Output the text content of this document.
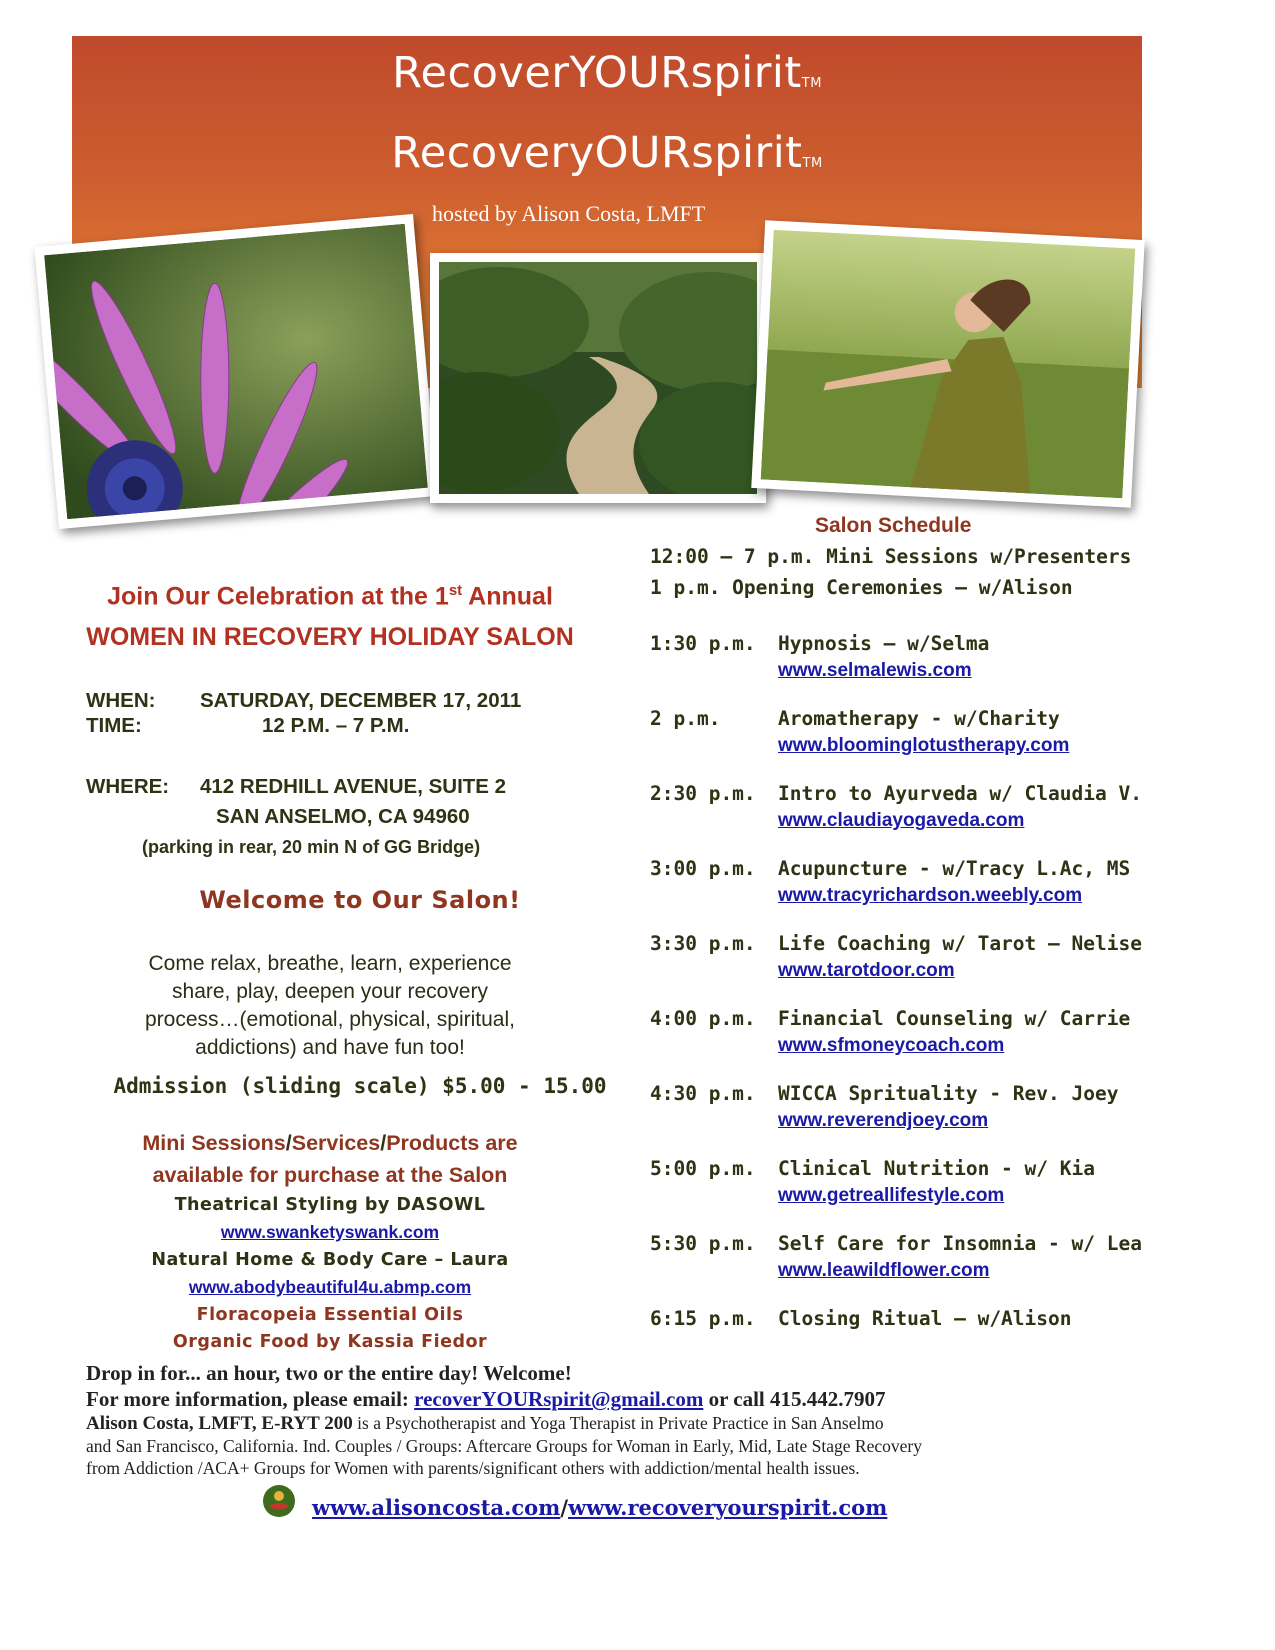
RecoverYOURspiritTM
RecoveryOURspiritTM
hosted by Alison Costa, LMFT
Join Our Celebration at the 1st Annual
WOMEN IN RECOVERY HOLIDAY SALON
WHEN: SATURDAY, DECEMBER 17, 2011
TIME:	12 P.M. – 7 P.M.
WHERE: 412 REDHILL AVENUE, SUITE 2
SAN ANSELMO, CA 94960
(parking in rear, 20 min N of GG Bridge)
Welcome to Our Salon!
Come relax, breathe, learn, experience
share, play, deepen your recovery
process…(emotional, physical, spiritual,
addictions) and have fun too!
Admission (sliding scale) $5.00 - 15.00
Mini Sessions/Services/Products are
available for purchase at the Salon
Theatrical Styling by DASOWL
www.swanketyswank.com
Natural Home & Body Care – Laura
www.abodybeautiful4u.abmp.com
Floracopeia Essential Oils
Organic Food by Kassia Fiedor
Salon Schedule
12:00 – 7 p.m. Mini Sessions w/Presenters
1 p.m. Opening Ceremonies – w/Alison
1:30 p.m. Hypnosis – w/Selma
www.selmalewis.com
2 p.m.	Aromatherapy - w/Charity
www.bloominglotustherapy.com
2:30 p.m. Intro to Ayurveda w/ Claudia V.
www.claudiayogaveda.com
3:00 p.m. Acupuncture - w/Tracy L.Ac, MS
www.tracyrichardson.weebly.com
3:30 p.m. Life Coaching w/ Tarot – Nelise
www.tarotdoor.com
4:00 p.m. Financial Counseling w/ Carrie
www.sfmoneycoach.com
4:30 p.m. WICCA Sprituality - Rev. Joey
www.reverendjoey.com
5:00 p.m. Clinical Nutrition - w/ Kia
www.getreallifestyle.com
5:30 p.m. Self Care for Insomnia - w/ Lea
www.leawildflower.com
6:15 p.m. Closing Ritual – w/Alison
Drop in for... an hour, two or the entire day! Welcome!
For more information, please email: recoverYOURspirit@gmail.com or call 415.442.7907
Alison Costa, LMFT, E-RYT 200 is a Psychotherapist and Yoga Therapist in Private Practice in San Anselmo
and San Francisco, California. Ind. Couples / Groups: Aftercare Groups for Woman in Early, Mid, Late Stage Recovery
from Addiction /ACA+ Groups for Women with parents/significant others with addiction/mental health issues.
www.alisoncosta.com/www.recoveryourspirit.com
